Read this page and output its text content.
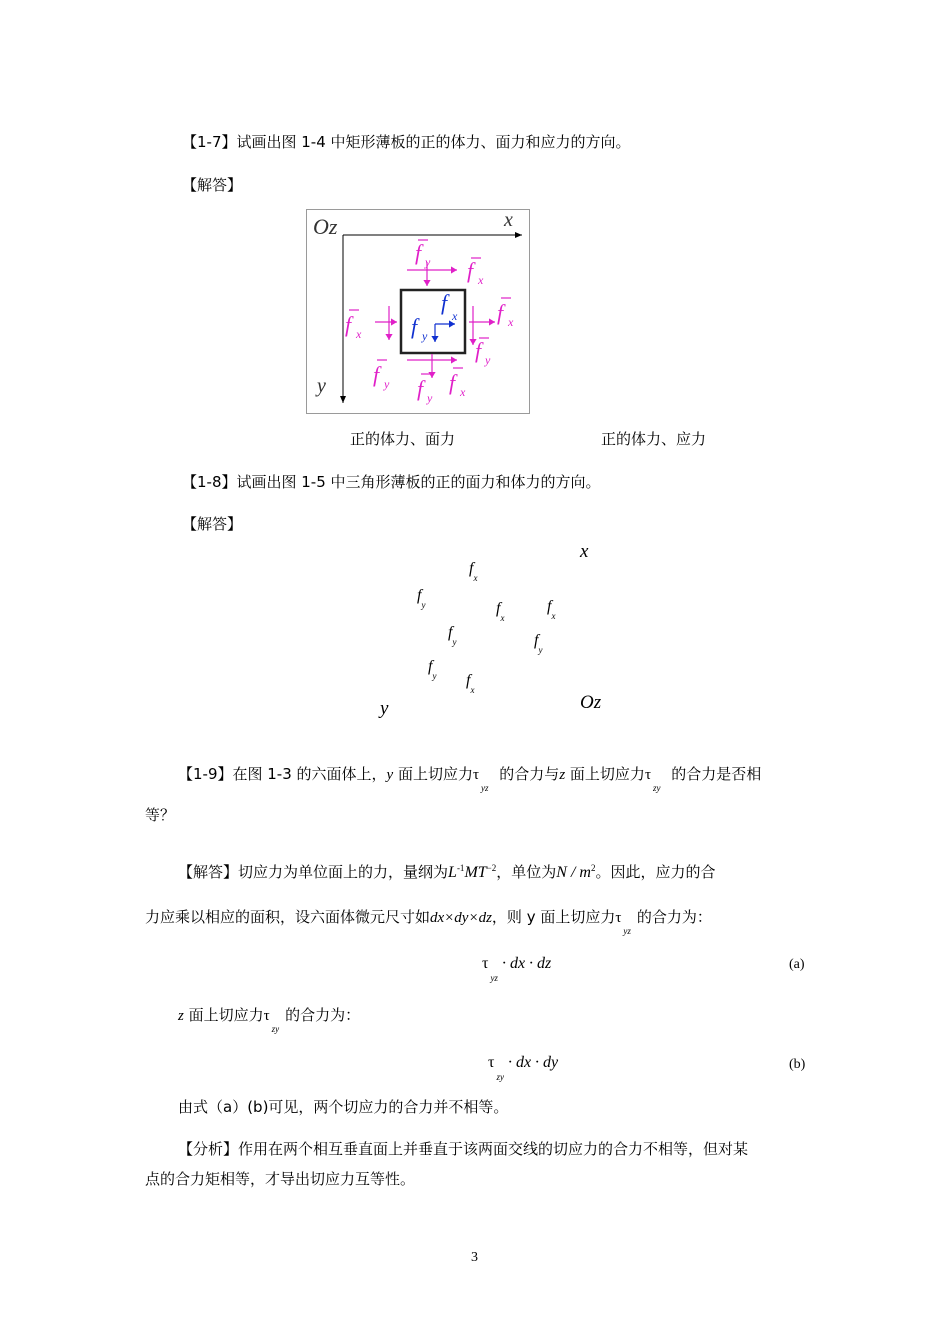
【1-7】试画出图 1-4 中矩形薄板的正的体力、面力和应力的方向。
【解答】
Oz	x
y
f y f x
f x
f x
f y
f y f y
f x
f
x
f y
正的体力、面力	正的体力、应力
【1-8】试画出图 1-5 中三角形薄板的正的面力和体力的方向。
【解答】
x
y	Oz
$f_x$
$f_y$	$f_x$
$f_x$
$f_y$	$f_y$
$f_y$ $f_x$
【1-9】在图 1-3 的六面体上，y 面上切应力$\tau_{yz}$ 的合力与z 面上切应力$\tau_{zy}$ 的合力是否相
等？
【解答】切应力为单位面上的力，量纲为$L^{-1}MT^{-2}$，单位为N / $m^2$。因此，应力的合
力应乘以相应的面积，设六面体微元尺寸如dx×dy×dz，则 y 面上切应力$\tau_{yz}$的合力为：
$\tau_{yz}\cdot$ dx · dz	(a)
z 面上切应力$\tau_{zy}$的合力为：
$\tau_{zy}\cdot$ dx · dy	(b)
由式（a）(b)可见，两个切应力的合力并不相等。
【分析】作用在两个相互垂直面上并垂直于该两面交线的切应力的合力不相等，但对某
点的合力矩相等，才导出切应力互等性。
3
